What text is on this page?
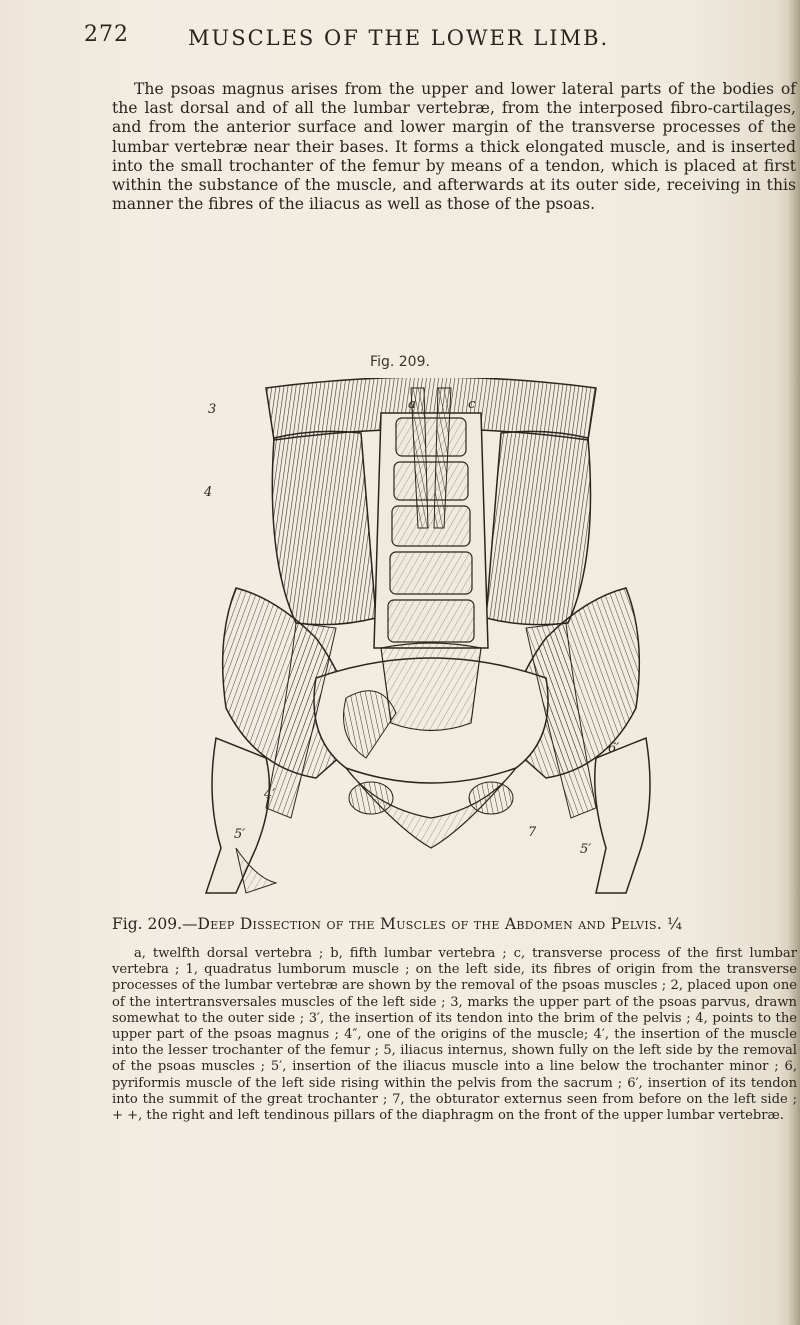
272	MUSCLES OF THE LOWER LIMB.

The psoas magnus arises from the upper and lower lateral parts of the bodies of the last dorsal and of all the lumbar vertebræ, from the interposed fibro-cartilages, and from the anterior surface and lower margin of the transverse processes of the lumbar vertebræ near their bases. It forms a thick elongated muscle, and is inserted into the small trochanter of the femur by means of a tendon, which is placed at first within the substance of the muscle, and afterwards at its outer side, receiving in this manner the fibres of the iliacus as well as those of the psoas.

Fig. 209.
3
4
a	c
6′
4′
5′	7
5′
Fig. 209.—Deep Dissection of the Muscles of the Abdomen and Pelvis. ¼

a, twelfth dorsal vertebra ; b, fifth lumbar vertebra ; c, transverse process of the first lumbar vertebra ; 1, quadratus lumborum muscle ; on the left side, its fibres of origin from the transverse processes of the lumbar vertebræ are shown by the removal of the psoas muscles ; 2, placed upon one of the intertransversales muscles of the left side ; 3, marks the upper part of the psoas parvus, drawn somewhat to the outer side ; 3′, the insertion of its tendon into the brim of the pelvis ; 4, points to the upper part of the psoas magnus ; 4″, one of the origins of the muscle; 4′, the insertion of the muscle into the lesser trochanter of the femur ; 5, iliacus internus, shown fully on the left side by the removal of the psoas muscles ; 5′, insertion of the iliacus muscle into a line below the trochanter minor ; 6, pyriformis muscle of the left side rising within the pelvis from the sacrum ; 6′, insertion of its tendon into the summit of the great trochanter ; 7, the obturator externus seen from before on the left side ; + +, the right and left tendinous pillars of the diaphragm on the front of the upper lumbar vertebræ.
